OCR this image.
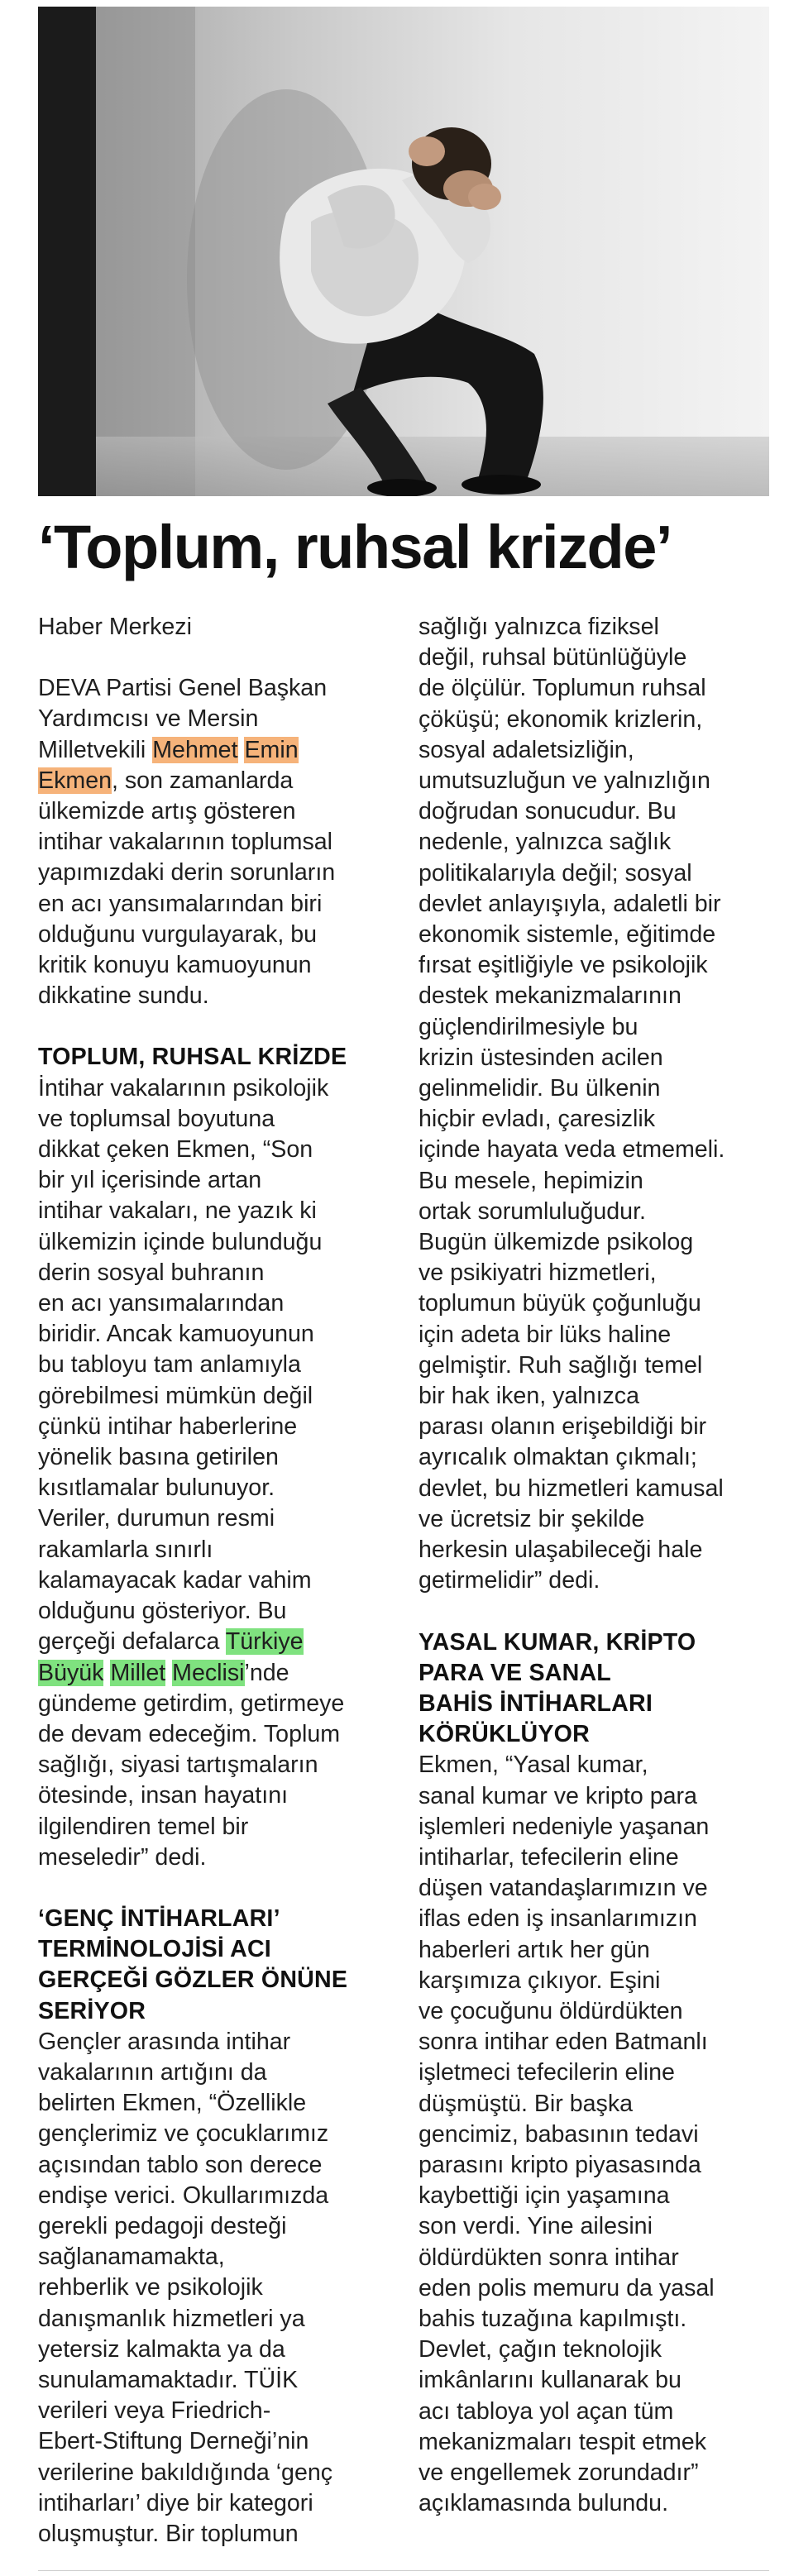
‘Toplum, ruhsal krizde’

Haber Merkezi

DEVA Partisi Genel Başkan
Yardımcısı ve Mersin
Milletvekili Mehmet Emin
Ekmen, son zamanlarda
ülkemizde artış gösteren
intihar vakalarının toplumsal
yapımızdaki derin sorunların
en acı yansımalarından biri
olduğunu vurgulayarak, bu
kritik konuyu kamuoyunun
dikkatine sundu.

TOPLUM, RUHSAL KRİZDE

İntihar vakalarının psikolojik
ve toplumsal boyutuna
dikkat çeken Ekmen, “Son
bir yıl içerisinde artan
intihar vakaları, ne yazık ki
ülkemizin içinde bulunduğu
derin sosyal buhranın
en acı yansımalarından
biridir. Ancak kamuoyunun
bu tabloyu tam anlamıyla
görebilmesi mümkün değil
çünkü intihar haberlerine
yönelik basına getirilen
kısıtlamalar bulunuyor.
Veriler, durumun resmi
rakamlarla sınırlı
kalamayacak kadar vahim
olduğunu gösteriyor. Bu
gerçeği defalarca Türkiye
Büyük Millet Meclisi’nde
gündeme getirdim, getirmeye
de devam edeceğim. Toplum
sağlığı, siyasi tartışmaların
ötesinde, insan hayatını
ilgilendiren temel bir
meseledir” dedi.

‘GENÇ İNTİHARLARI’
TERMİNOLOJİSİ ACI
GERÇEĞİ GÖZLER ÖNÜNE
SERİYOR

Gençler arasında intihar
vakalarının artığını da
belirten Ekmen, “Özellikle
gençlerimiz ve çocuklarımız
açısından tablo son derece
endişe verici. Okullarımızda
gerekli pedagoji desteği
sağlanamamakta,
rehberlik ve psikolojik
danışmanlık hizmetleri ya
yetersiz kalmakta ya da
sunulamamaktadır. TÜİK
verileri veya Friedrich-
Ebert-Stiftung Derneği’nin
verilerine bakıldığında ‘genç
intiharları’ diye bir kategori
oluşmuştur. Bir toplumun

sağlığı yalnızca fiziksel
değil, ruhsal bütünlüğüyle
de ölçülür. Toplumun ruhsal
çöküşü; ekonomik krizlerin,
sosyal adaletsizliğin,
umutsuzluğun ve yalnızlığın
doğrudan sonucudur. Bu
nedenle, yalnızca sağlık
politikalarıyla değil; sosyal
devlet anlayışıyla, adaletli bir
ekonomik sistemle, eğitimde
fırsat eşitliğiyle ve psikolojik
destek mekanizmalarının
güçlendirilmesiyle bu
krizin üstesinden acilen
gelinmelidir. Bu ülkenin
hiçbir evladı, çaresizlik
içinde hayata veda etmemeli.
Bu mesele, hepimizin
ortak sorumluluğudur.
Bugün ülkemizde psikolog
ve psikiyatri hizmetleri,
toplumun büyük çoğunluğu
için adeta bir lüks haline
gelmiştir. Ruh sağlığı temel
bir hak iken, yalnızca
parası olanın erişebildiği bir
ayrıcalık olmaktan çıkmalı;
devlet, bu hizmetleri kamusal
ve ücretsiz bir şekilde
herkesin ulaşabileceği hale
getirmelidir” dedi.

YASAL KUMAR, KRİPTO
PARA VE SANAL
BAHİS İNTİHARLARI
KÖRÜKLÜYOR

Ekmen, “Yasal kumar,
sanal kumar ve kripto para
işlemleri nedeniyle yaşanan
intiharlar, tefecilerin eline
düşen vatandaşlarımızın ve
iflas eden iş insanlarımızın
haberleri artık her gün
karşımıza çıkıyor. Eşini
ve çocuğunu öldürdükten
sonra intihar eden Batmanlı
işletmeci tefecilerin eline
düşmüştü. Bir başka
gencimiz, babasının tedavi
parasını kripto piyasasında
kaybettiği için yaşamına
son verdi. Yine ailesini
öldürdükten sonra intihar
eden polis memuru da yasal
bahis tuzağına kapılmıştı.
Devlet, çağın teknolojik
imkânlarını kullanarak bu
acı tabloya yol açan tüm
mekanizmaları tespit etmek
ve engellemek zorundadır”
açıklamasında bulundu.
